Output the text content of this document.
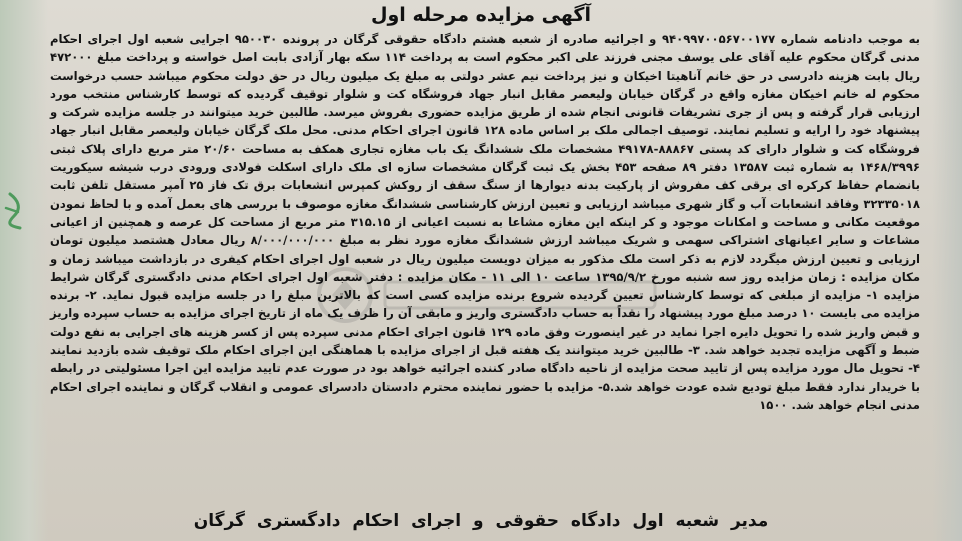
آگهی مزایده مرحله اول

به موجب دادنامه شماره ۹۴۰۹۹۷۰۰۵۶۷۰۰۱۷۷ و اجرائیه صادره از شعبه هشتم دادگاه حقوقی گرگان در پرونده ۹۵۰۰۳۰ اجرایی شعبه اول اجرای احکام مدنی گرگان محکوم علیه آقای علی یوسف مجنی فرزند علی اکبر محکوم است به پرداخت ۱۱۴ سکه بهار آزادی بابت اصل خواسته و پرداخت مبلغ ۴۷۲۰۰۰ ریال بابت هزینه دادرسی در حق خانم آناهیتا اخیکان و نیز پرداخت نیم عشر دولتی به مبلغ یک میلیون ریال در حق دولت محکوم میباشد حسب درخواست محکوم له خانم اخیکان مغازه واقع در گرگان خیابان ولیعصر مقابل انبار جهاد فروشگاه کت و شلوار توقیف گردیده که توسط کارشناس منتخب مورد ارزیابی قرار گرفته و پس از جری تشریفات قانونی انجام شده از طریق مزایده حضوری بفروش میرسد. طالبین خرید میتوانند در جلسه مزایده شرکت و پیشنهاد خود را ارایه و تسلیم نمایند. توصیف اجمالی ملک بر اساس ماده ۱۲۸ قانون اجرای احکام مدنی. محل ملک گرگان خیابان ولیعصر مقابل انبار جهاد فروشگاه کت و شلوار دارای کد پستی ۸۸۸۶۷-۴۹۱۷۸ مشخصات ملک ششدانگ یک باب مغازه تجاری همکف به مساحت ۲۰/۶۰ متر مربع دارای پلاک ثبتی ۱۴۶۸/۳۹۹۶ به شماره ثبت ۱۳۵۸۷ دفتر ۸۹ صفحه ۴۵۳ بخش یک ثبت گرگان مشخصات سازه ای ملک دارای اسکلت فولادی ورودی درب شیشه سیکوریت بانضمام حفاظ کرکره ای برقی کف مفروش از پارکیت بدنه دیوارها از سنگ سقف از روکش کمپرس انشعابات برق تک فاز ۲۵ آمپر مستقل تلفن ثابت ۳۲۳۳۵۰۱۸ وفاقد انشعابات آب و گاز شهری میباشد ارزیابی و تعیین ارزش کارشناسی ششدانگ مغازه موصوف با بررسی های بعمل آمده و با لحاظ نمودن موقعیت مکانی و مساحت و امکانات موجود و کر اینکه این مغازه مشاعا به نسبت اعیانی از ۳۱۵.۱۵ متر مربع از مساحت کل عرصه و همچنین از اعیانی مشاعات و سایر اعیانهای اشتراکی سهمی و شریک میباشد ارزش ششدانگ مغازه مورد نظر به مبلغ ۸/۰۰۰/۰۰۰/۰۰۰ ریال معادل هشتصد میلیون تومان ارزیابی و تعیین ارزش میگردد لازم به ذکر است ملک مذکور به میزان دویست میلیون ریال در شعبه اول اجرای احکام کیفری در بازداشت میباشد زمان و مکان مزایده : زمان مزایده روز سه شنبه مورخ ۱۳۹۵/۹/۲ ساعت ۱۰ الی ۱۱ - مکان مزایده : دفتر شعبه اول اجرای احکام مدنی دادگستری گرگان شرایط مزایده ۱- مزایده از مبلغی که توسط کارشناس تعیین گردیده شروع برنده مزایده کسی است که بالاترین مبلغ را در جلسه مزایده قبول نماید. ۲- برنده مزایده می بایست ۱۰ درصد مبلغ مورد پیشنهاد را نقداً به حساب دادگستری واریز و مابقی آن را ظرف یک ماه از تاریخ اجرای مزایده به حساب سپرده واریز و قبض واریز شده را تحویل دایره اجرا نماید در غیر اینصورت وفق ماده ۱۲۹ قانون اجرای احکام مدنی سپرده پس از کسر هزینه های اجرایی به نفع دولت ضبط و آگهی مزایده تجدید خواهد شد. ۳- طالبین خرید میتوانند یک هفته قبل از اجرای مزایده با هماهنگی این اجرای احکام ملک توقیف شده بازدید نمایند ۴- تحویل مال مورد مزایده پس از تایید صحت مزایده از ناحیه دادگاه صادر کننده اجرائیه خواهد بود در صورت عدم تایید مزایده این اجرا مسئولیتی در رابطه با خریدار ندارد فقط مبلغ تودیع شده عودت خواهد شد.۵- مزایده با حضور نماینده محترم دادستان دادسرای عمومی و انقلاب گرگان و نماینده اجرای احکام مدنی انجام خواهد شد. ۱۵۰۰

مدیر شعبه اول دادگاه حقوقی و اجرای احکام دادگستری گرگان
